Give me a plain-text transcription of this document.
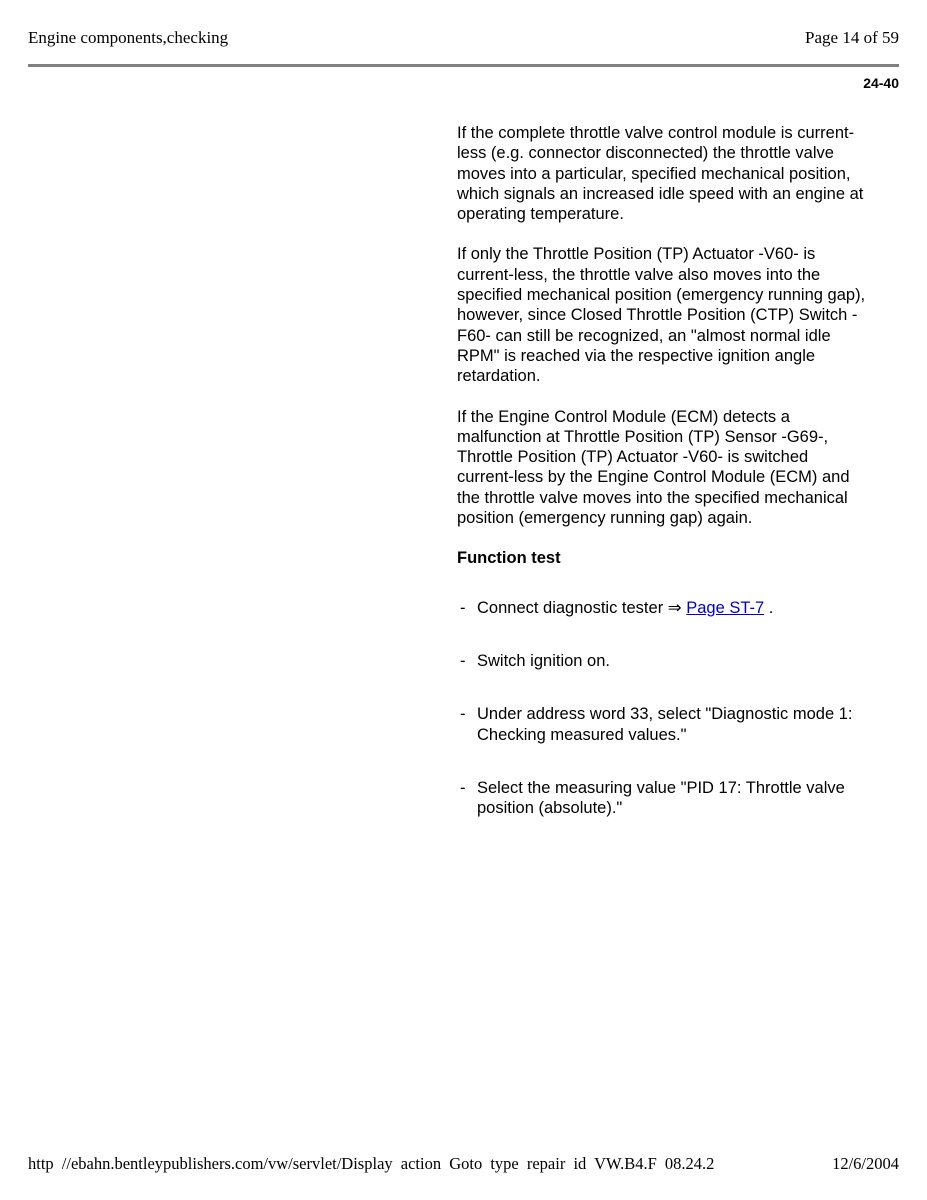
Engine components,checking	Page 14 of 59
24-40

If the complete throttle valve control module is current-less (e.g. connector disconnected) the throttle valve moves into a particular, specified mechanical position, which signals an increased idle speed with an engine at operating temperature.

If only the Throttle Position (TP) Actuator -V60- is current-less, the throttle valve also moves into the specified mechanical position (emergency running gap), however, since Closed Throttle Position (CTP) Switch -F60- can still be recognized, an "almost normal idle RPM" is reached via the respective ignition angle retardation.

If the Engine Control Module (ECM) detects a malfunction at Throttle Position (TP) Sensor -G69-, Throttle Position (TP) Actuator -V60- is switched current-less by the Engine Control Module (ECM) and the throttle valve moves into the specified mechanical position (emergency running gap) again.

Function test
- Connect diagnostic tester ⇒ Page ST-7 .
- Switch ignition on.
- Under address word 33, select "Diagnostic mode 1: Checking measured values."
- Select the measuring value "PID 17: Throttle valve position (absolute)."
http //ebahn.bentleypublishers.com/vw/servlet/Display action Goto type repair id VW.B4.F 08.24.2	12/6/2004
